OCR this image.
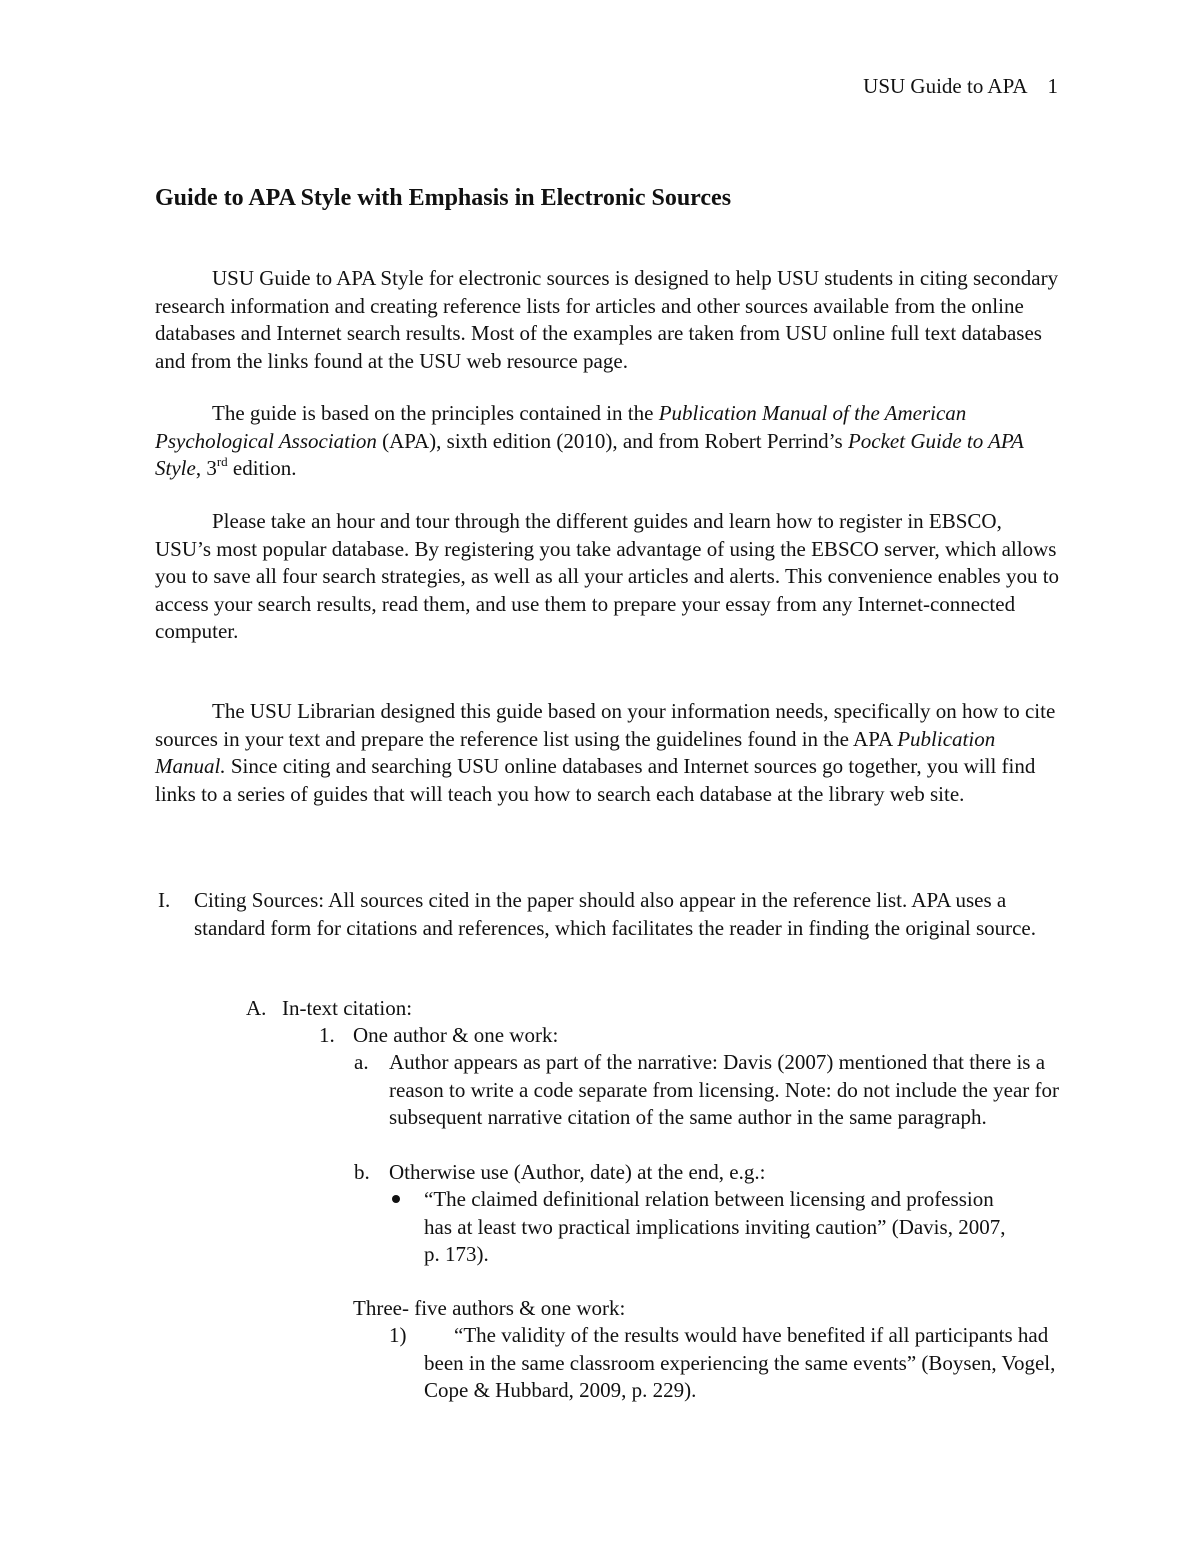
USU Guide to APA 1
Guide to APA Style with Emphasis in Electronic Sources

USU Guide to APA Style for electronic sources is designed to help USU students in citing secondary research information and creating reference lists for articles and other sources available from the online databases and Internet search results. Most of the examples are taken from USU online full text databases and from the links found at the USU web resource page.

The guide is based on the principles contained in the Publication Manual of the American Psychological Association (APA), sixth edition (2010), and from Robert Perrind’s Pocket Guide to APA Style, 3rd edition.

Please take an hour and tour through the different guides and learn how to register in EBSCO, USU’s most popular database. By registering you take advantage of using the EBSCO server, which allows you to save all four search strategies, as well as all your articles and alerts. This convenience enables you to access your search results, read them, and use them to prepare your essay from any Internet-connected computer.

The USU Librarian designed this guide based on your information needs, specifically on how to cite sources in your text and prepare the reference list using the guidelines found in the APA Publication Manual. Since citing and searching USU online databases and Internet sources go together, you will find links to a series of guides that will teach you how to search each database at the library web site.

I. Citing Sources: All sources cited in the paper should also appear in the reference list. APA uses a standard form for citations and references, which facilitates the reader in finding the original source.

A. In-text citation:

1. One author & one work:

a. Author appears as part of the narrative: Davis (2007) mentioned that there is a reason to write a code separate from licensing. Note: do not include the year for subsequent narrative citation of the same author in the same paragraph.

b. Otherwise use (Author, date) at the end, e.g.:

“The claimed definitional relation between licensing and profession has at least two practical implications inviting caution” (Davis, 2007, p. 173).

Three- five authors & one work:

1)	“The validity of the results would have benefited if all participants had been in the same classroom experiencing the same events” (Boysen, Vogel, Cope & Hubbard, 2009, p. 229).
